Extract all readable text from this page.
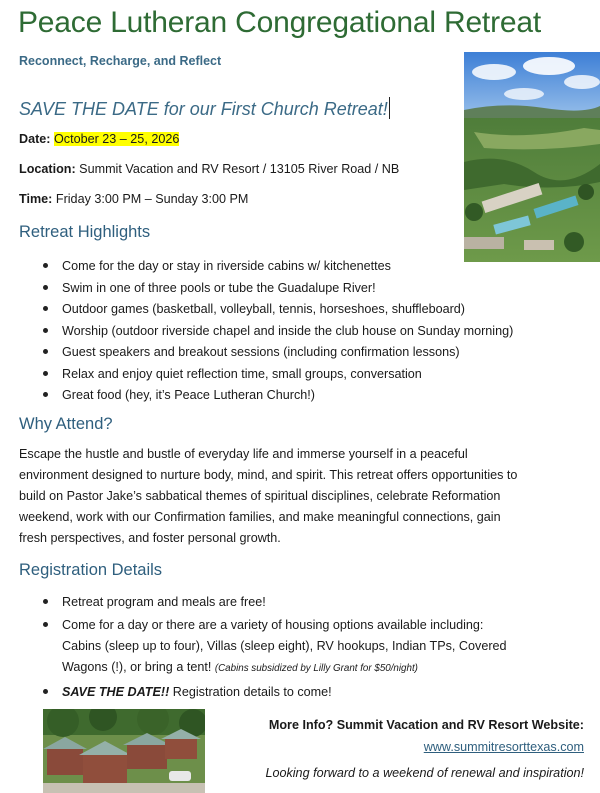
Peace Lutheran Congregational Retreat
Reconnect, Recharge, and Reflect
SAVE THE DATE for our First Church Retreat!
Date: October 23 – 25, 2026
Location: Summit Vacation and RV Resort / 13105 River Road / NB
Time: Friday 3:00 PM – Sunday 3:00 PM
Retreat Highlights
Come for the day or stay in riverside cabins w/ kitchenettes
Swim in one of three pools or tube the Guadalupe River!
Outdoor games (basketball, volleyball, tennis, horseshoes, shuffleboard)
Worship (outdoor riverside chapel and inside the club house on Sunday morning)
Guest speakers and breakout sessions (including confirmation lessons)
Relax and enjoy quiet reflection time, small groups, conversation
Great food (hey, it’s Peace Lutheran Church!)
Why Attend?
Escape the hustle and bustle of everyday life and immerse yourself in a peaceful
environment designed to nurture body, mind, and spirit. This retreat offers opportunities to
build on Pastor Jake’s sabbatical themes of spiritual disciplines, celebrate Reformation
weekend, work with our Confirmation families, and make meaningful connections, gain
fresh perspectives, and foster personal growth.
Registration Details
Retreat program and meals are free!
Come for a day or there are a variety of housing options available including:
Cabins (sleep up to four), Villas (sleep eight), RV hookups, Indian TPs, Covered
Wagons (!), or bring a tent! (Cabins subsidized by Lilly Grant for $50/night)
SAVE THE DATE!! Registration details to come!
More Info? Summit Vacation and RV Resort Website:
www.summitresorttexas.com
Looking forward to a weekend of renewal and inspiration!
